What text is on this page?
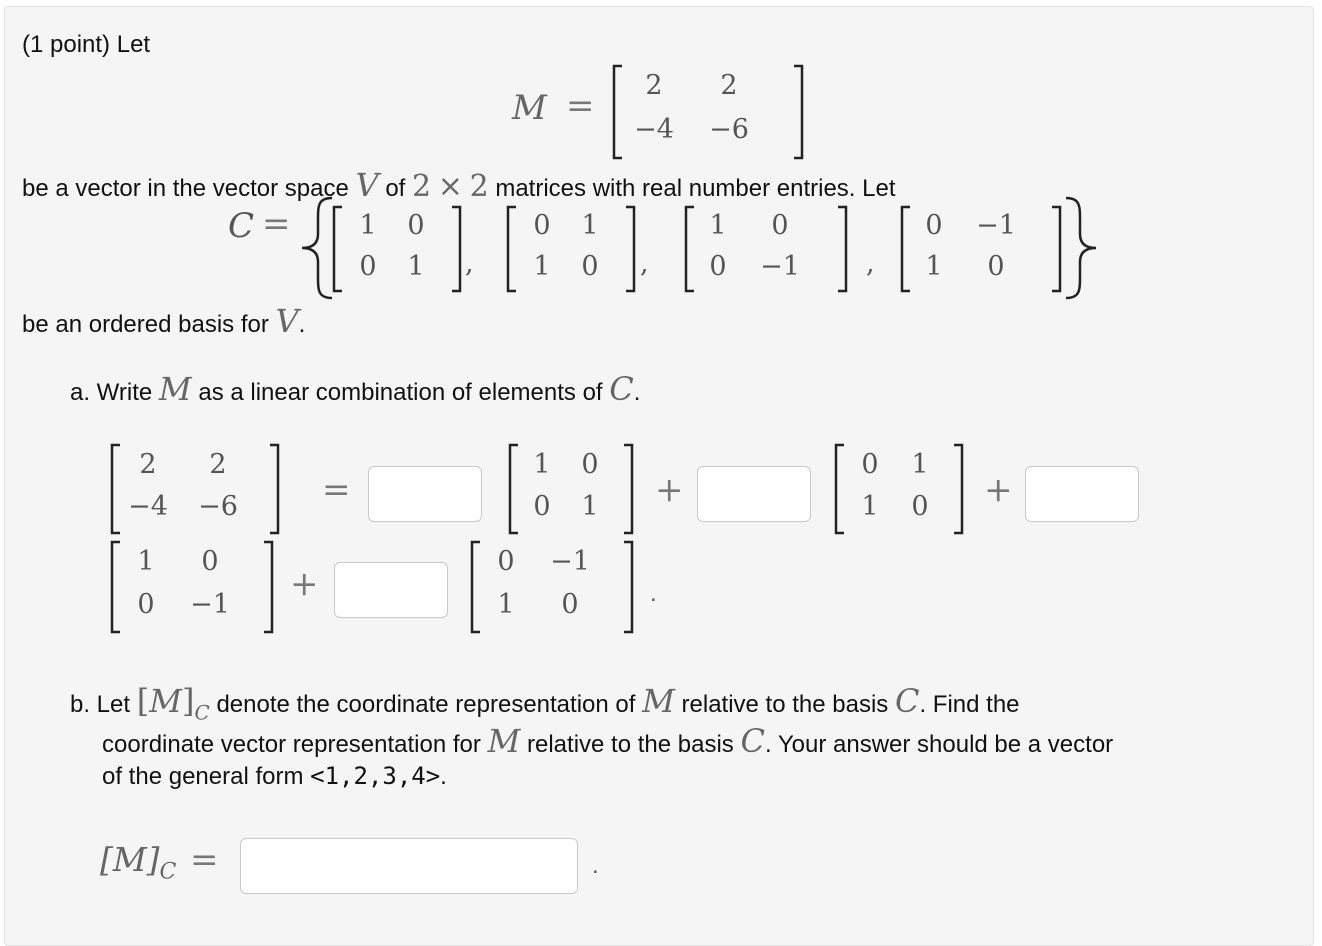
(1 point) Let
M =
2	2
−4	−6
be a vector in the vector space V of 2 × 2 matrices with real number entries. Let
C =	1	0
0	1	,
0	1
1	0	,
1	0
0	−1	,
0	−1
1	0
be an ordered basis for V.
a. Write M as a linear combination of elements of C.
2	2
−4	−6	=
1	0
0	1	+
0	1
1	0	+
1	0
0	−1
+
0	−1
1	0	.
b. Let $[M]_C$ denote the coordinate representation of M relative to the basis C. Find the
coordinate vector representation for M relative to the basis C. Your answer should be a vector
of the general form <1,2,3,4>.
$[M]_C$ =	.
